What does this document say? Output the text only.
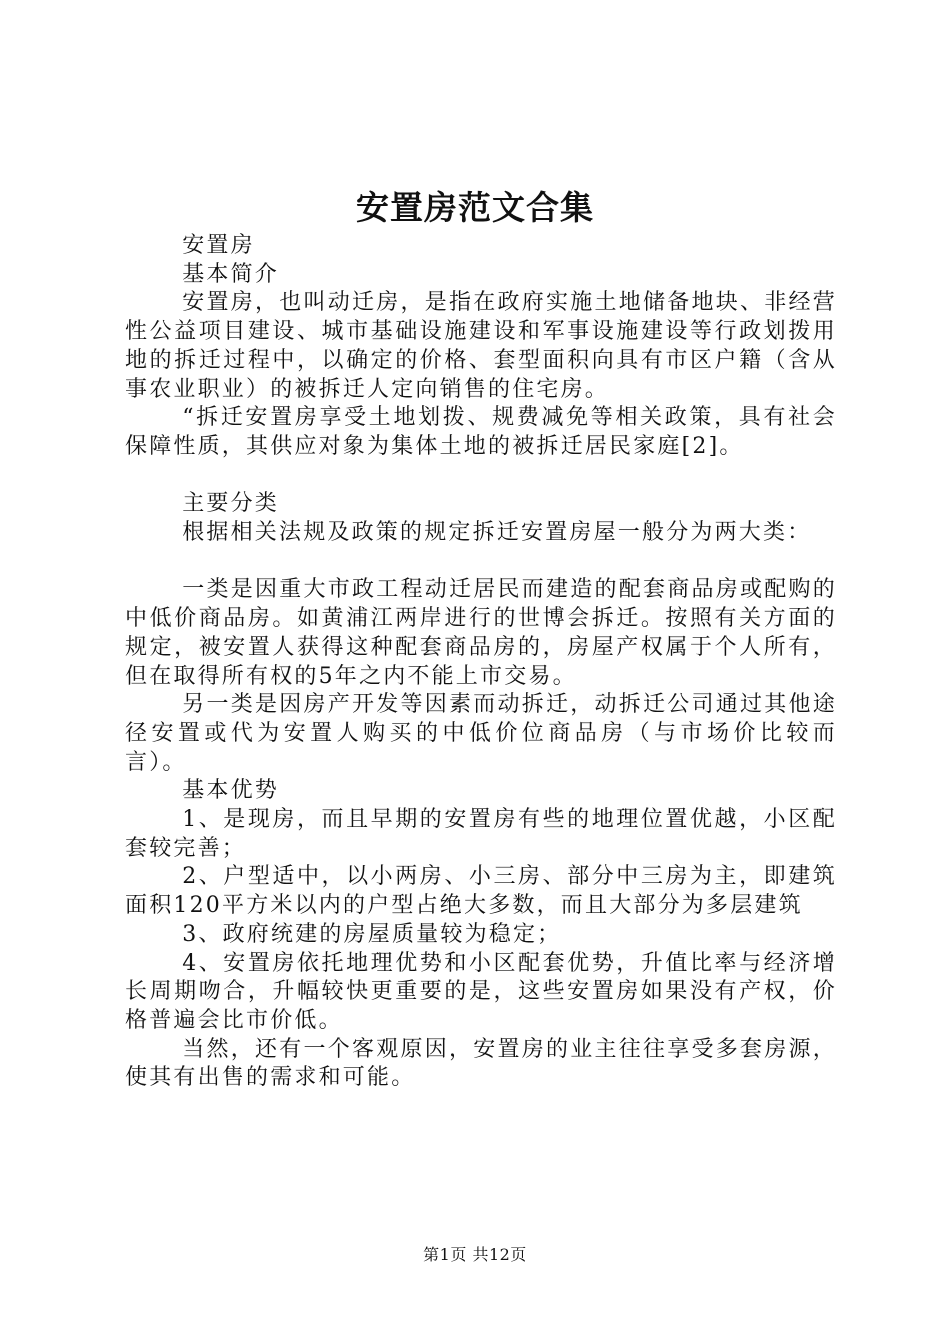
安置房范文合集

安置房

基本简介

安置房，也叫动迁房，是指在政府实施土地储备地块、非经营性公益项目建设、城市基础设施建设和军事设施建设等行政划拨用地的拆迁过程中，以确定的价格、套型面积向具有市区户籍（含从事农业职业）的被拆迁人定向销售的住宅房。

“拆迁安置房享受土地划拨、规费减免等相关政策，具有社会保障性质，其供应对象为集体土地的被拆迁居民家庭[2]。

主要分类

根据相关法规及政策的规定拆迁安置房屋一般分为两大类：

一类是因重大市政工程动迁居民而建造的配套商品房或配购的中低价商品房。如黄浦江两岸进行的世博会拆迁。按照有关方面的规定，被安置人获得这种配套商品房的，房屋产权属于个人所有，但在取得所有权的5年之内不能上市交易。

另一类是因房产开发等因素而动拆迁，动拆迁公司通过其他途径安置或代为安置人购买的中低价位商品房（与市场价比较而言）。

基本优势

1、是现房，而且早期的安置房有些的地理位置优越，小区配套较完善；

2、户型适中，以小两房、小三房、部分中三房为主，即建筑面积120平方米以内的户型占绝大多数，而且大部分为多层建筑

3、政府统建的房屋质量较为稳定；

4、安置房依托地理优势和小区配套优势，升值比率与经济增长周期吻合，升幅较快更重要的是，这些安置房如果没有产权，价格普遍会比市价低。

当然，还有一个客观原因，安置房的业主往往享受多套房源，使其有出售的需求和可能。

第1页 共12页
